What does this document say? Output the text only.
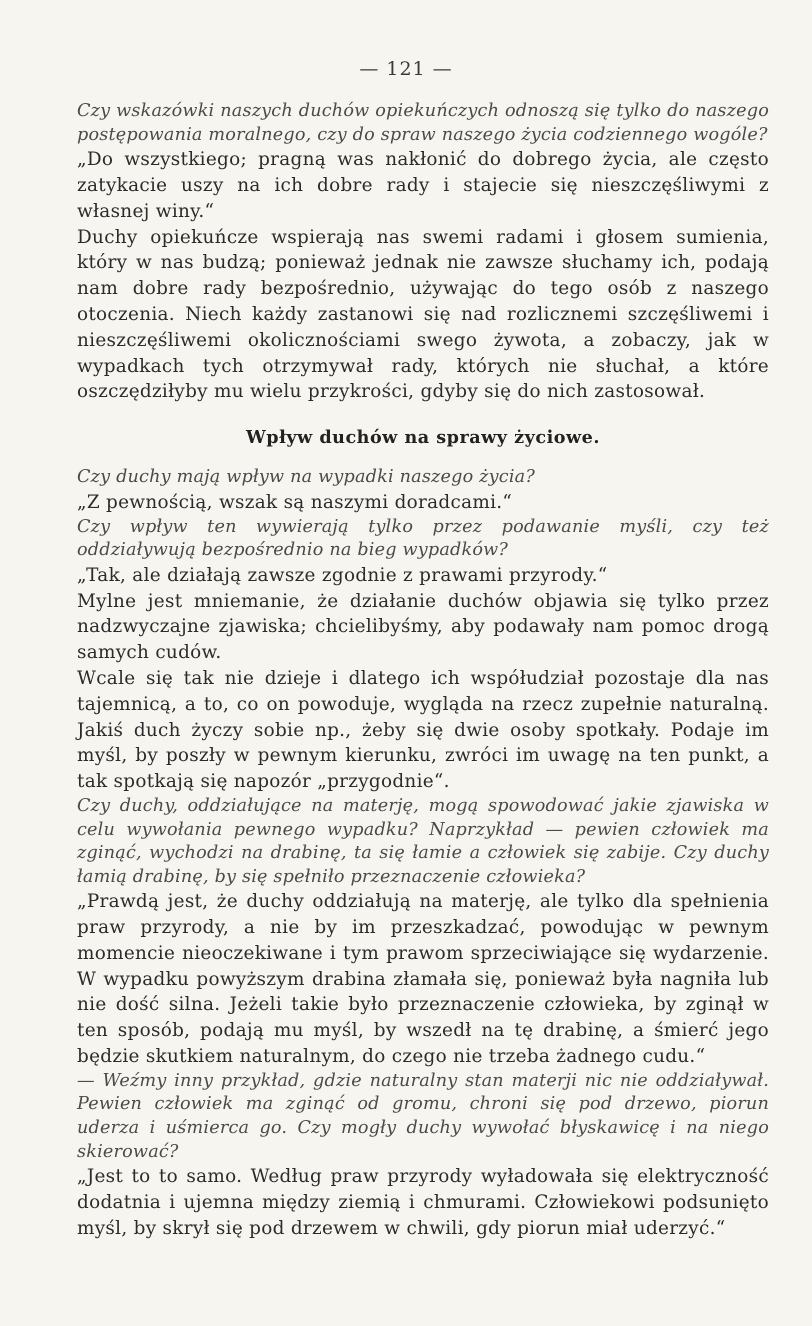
— 121 —

Czy wskazówki naszych duchów opiekuńczych odnoszą się tylko do naszego postępowania moralnego, czy do spraw naszego życia codziennego wogóle?

„Do wszystkiego; pragną was nakłonić do dobrego życia, ale często zatykacie uszy na ich dobre rady i stajecie się nieszczęśliwymi z własnej winy.“

Duchy opiekuńcze wspierają nas swemi radami i głosem sumienia, który w nas budzą; ponieważ jednak nie zawsze słuchamy ich, podają nam dobre rady bezpośrednio, używając do tego osób z naszego otoczenia. Niech każdy zastanowi się nad rozlicznemi szczęśliwemi i nieszczęśliwemi okolicznościami swego żywota, a zobaczy, jak w wypadkach tych otrzymywał rady, których nie słuchał, a które oszczędziłyby mu wielu przykrości, gdyby się do nich zastosował.

Wpływ duchów na sprawy życiowe.

Czy duchy mają wpływ na wypadki naszego życia?

„Z pewnością, wszak są naszymi doradcami.“

Czy wpływ ten wywierają tylko przez podawanie myśli, czy też oddziaływują bezpośrednio na bieg wypadków?

„Tak, ale działają zawsze zgodnie z prawami przyrody.“

Mylne jest mniemanie, że działanie duchów objawia się tylko przez nadzwyczajne zjawiska; chcielibyśmy, aby podawały nam pomoc drogą samych cudów.

Wcale się tak nie dzieje i dlatego ich współudział pozostaje dla nas tajemnicą, a to, co on powoduje, wygląda na rzecz zupełnie naturalną. Jakiś duch życzy sobie np., żeby się dwie osoby spotkały. Podaje im myśl, by poszły w pewnym kierunku, zwróci im uwagę na ten punkt, a tak spotkają się napozór „przygodnie“.

Czy duchy, oddziałujące na materję, mogą spowodować jakie zjawiska w celu wywołania pewnego wypadku? Naprzykład — pewien człowiek ma zginąć, wychodzi na drabinę, ta się łamie a człowiek się zabije. Czy duchy łamią drabinę, by się spełniło przeznaczenie człowieka?

„Prawdą jest, że duchy oddziałują na materję, ale tylko dla spełnienia praw przyrody, a nie by im przeszkadzać, powodując w pewnym momencie nieoczekiwane i tym prawom sprzeciwiające się wydarzenie. W wypadku powyższym drabina złamała się, ponieważ była nagniła lub nie dość silna. Jeżeli takie było przeznaczenie człowieka, by zginął w ten sposób, podają mu myśl, by wszedł na tę drabinę, a śmierć jego będzie skutkiem naturalnym, do czego nie trzeba żadnego cudu.“

— Weźmy inny przykład, gdzie naturalny stan materji nic nie oddziaływał. Pewien człowiek ma zginąć od gromu, chroni się pod drzewo, piorun uderza i uśmierca go. Czy mogły duchy wywołać błyskawicę i na niego skierować?

„Jest to to samo. Według praw przyrody wyładowała się elektryczność dodatnia i ujemna między ziemią i chmurami. Człowiekowi podsunięto myśl, by skrył się pod drzewem w chwili, gdy piorun miał uderzyć.“
